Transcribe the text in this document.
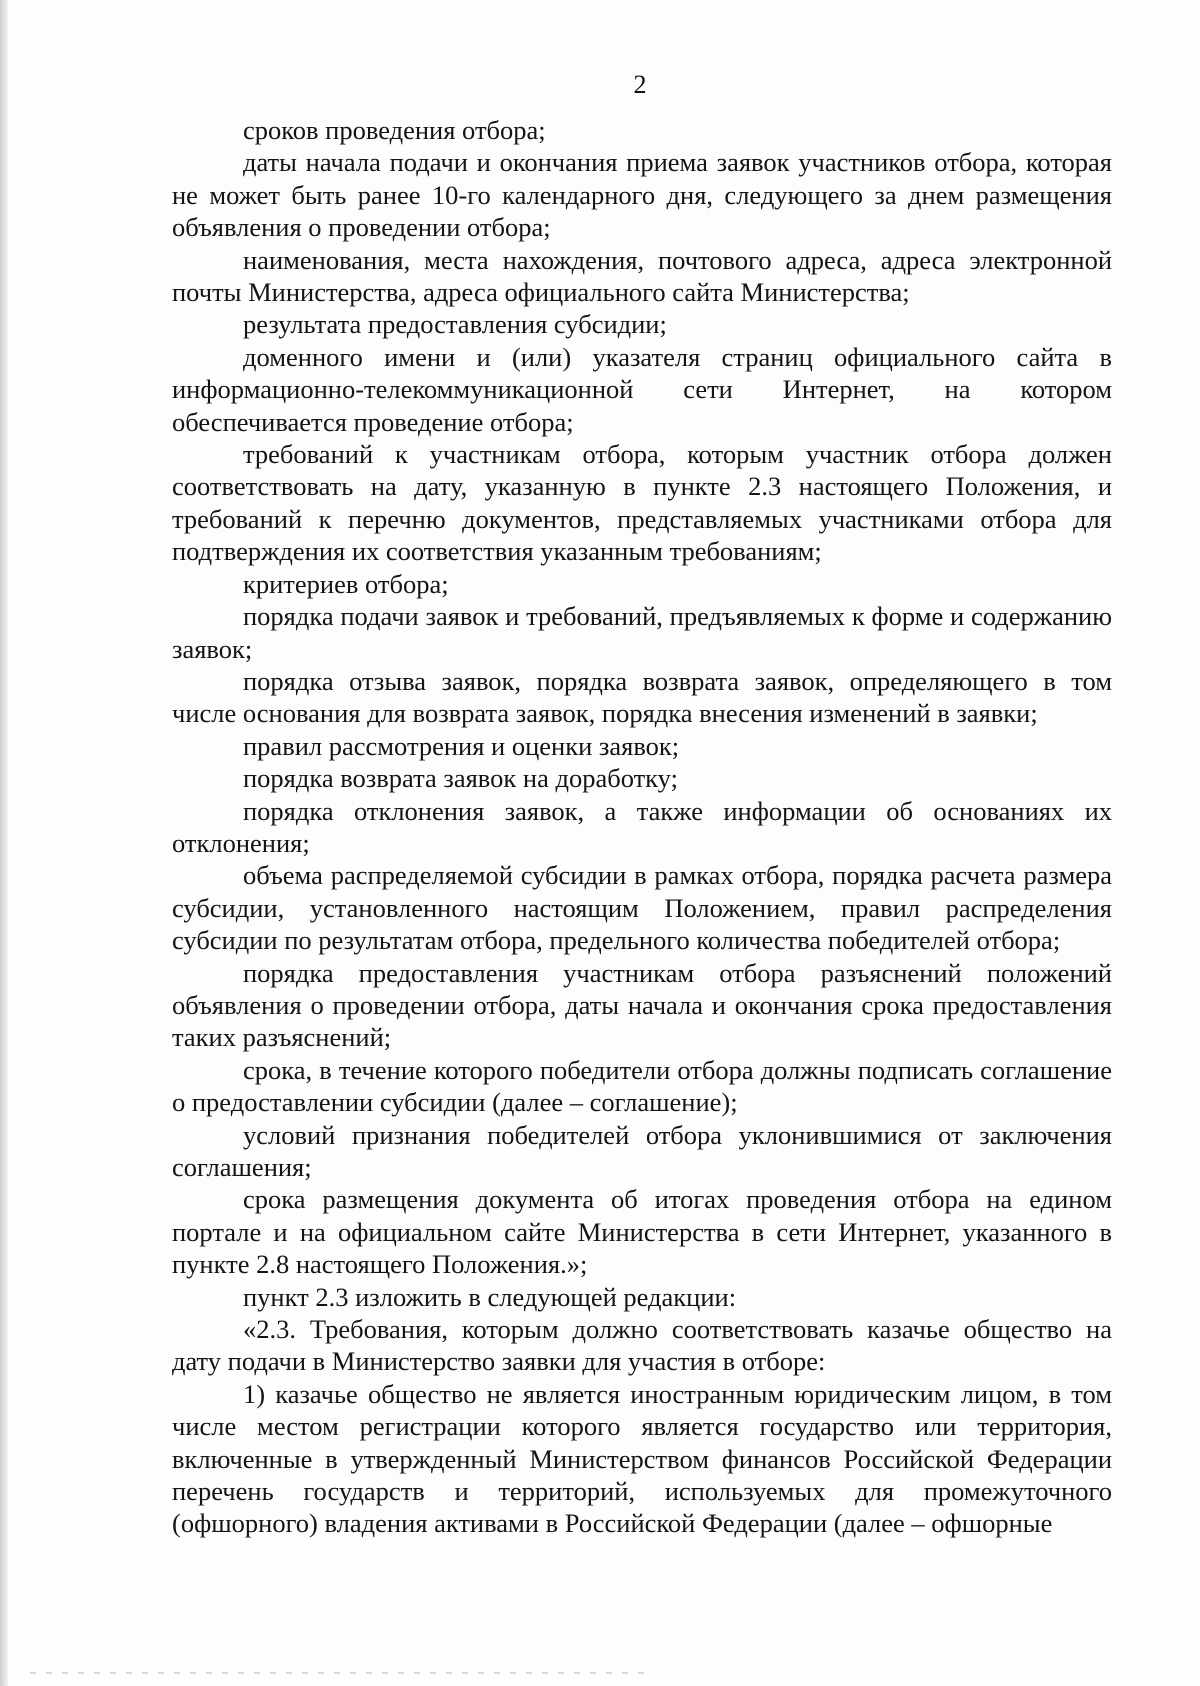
2

сроков проведения отбора;

даты начала подачи и окончания приема заявок участников отбора, которая не может быть ранее 10-го календарного дня, следующего за днем размещения объявления о проведении отбора;

наименования, места нахождения, почтового адреса, адреса электронной почты Министерства, адреса официального сайта Министерства;

результата предоставления субсидии;

доменного имени и (или) указателя страниц официального сайта в информационно-телекоммуникационной сети Интернет, на котором обеспечивается проведение отбора;

требований к участникам отбора, которым участник отбора должен соответствовать на дату, указанную в пункте 2.3 настоящего Положения, и требований к перечню документов, представляемых участниками отбора для подтверждения их соответствия указанным требованиям;

критериев отбора;

порядка подачи заявок и требований, предъявляемых к форме и содержанию заявок;

порядка отзыва заявок, порядка возврата заявок, определяющего в том числе основания для возврата заявок, порядка внесения изменений в заявки;

правил рассмотрения и оценки заявок;

порядка возврата заявок на доработку;

порядка отклонения заявок, а также информации об основаниях их отклонения;

объема распределяемой субсидии в рамках отбора, порядка расчета размера субсидии, установленного настоящим Положением, правил распределения субсидии по результатам отбора, предельного количества победителей отбора;

порядка предоставления участникам отбора разъяснений положений объявления о проведении отбора, даты начала и окончания срока предоставления таких разъяснений;

срока, в течение которого победители отбора должны подписать соглашение о предоставлении субсидии (далее – соглашение);

условий признания победителей отбора уклонившимися от заключения соглашения;

срока размещения документа об итогах проведения отбора на едином портале и на официальном сайте Министерства в сети Интернет, указанного в пункте 2.8 настоящего Положения.»;

пункт 2.3 изложить в следующей редакции:

«2.3. Требования, которым должно соответствовать казачье общество на дату подачи в Министерство заявки для участия в отборе:

1) казачье общество не является иностранным юридическим лицом, в том числе местом регистрации которого является государство или территория, включенные в утвержденный Министерством финансов Российской Федерации перечень государств и территорий, используемых для промежуточного (офшорного) владения активами в Российской Федерации (далее – офшорные
